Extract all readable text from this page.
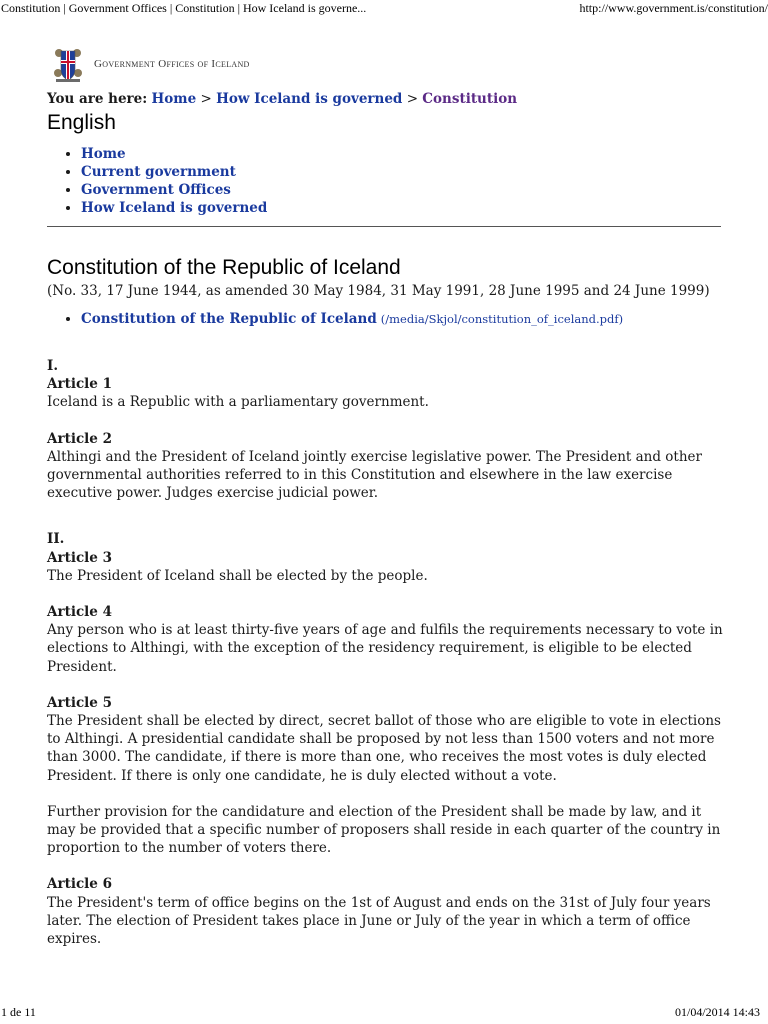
Constitution | Government Offices | Constitution | How Iceland is governe...	http://www.government.is/constitution/
Government Offices of Iceland
You are here: Home > How Iceland is governed > Constitution
English
• Home
• Current government
• Government Offices
• How Iceland is governed
Constitution of the Republic of Iceland
(No. 33, 17 June 1944, as amended 30 May 1984, 31 May 1991, 28 June 1995 and 24 June 1999)
• Constitution of the Republic of Iceland (/media/Skjol/constitution_of_iceland.pdf)
I.
Article 1

Iceland is a Republic with a parliamentary government.

Article 2

Althingi and the President of Iceland jointly exercise legislative power. The President and other governmental authorities referred to in this Constitution and elsewhere in the law exercise executive power. Judges exercise judicial power.

II.
Article 3

The President of Iceland shall be elected by the people.

Article 4

Any person who is at least thirty-five years of age and fulfils the requirements necessary to vote in elections to Althingi, with the exception of the residency requirement, is eligible to be elected President.

Article 5

The President shall be elected by direct, secret ballot of those who are eligible to vote in elections to Althingi. A presidential candidate shall be proposed by not less than 1500 voters and not more than 3000. The candidate, if there is more than one, who receives the most votes is duly elected President. If there is only one candidate, he is duly elected without a vote.

Further provision for the candidature and election of the President shall be made by law, and it may be provided that a specific number of proposers shall reside in each quarter of the country in proportion to the number of voters there.

Article 6

The President's term of office begins on the 1st of August and ends on the 31st of July four years later. The election of President takes place in June or July of the year in which a term of office expires.

1 de 11	01/04/2014 14:43
